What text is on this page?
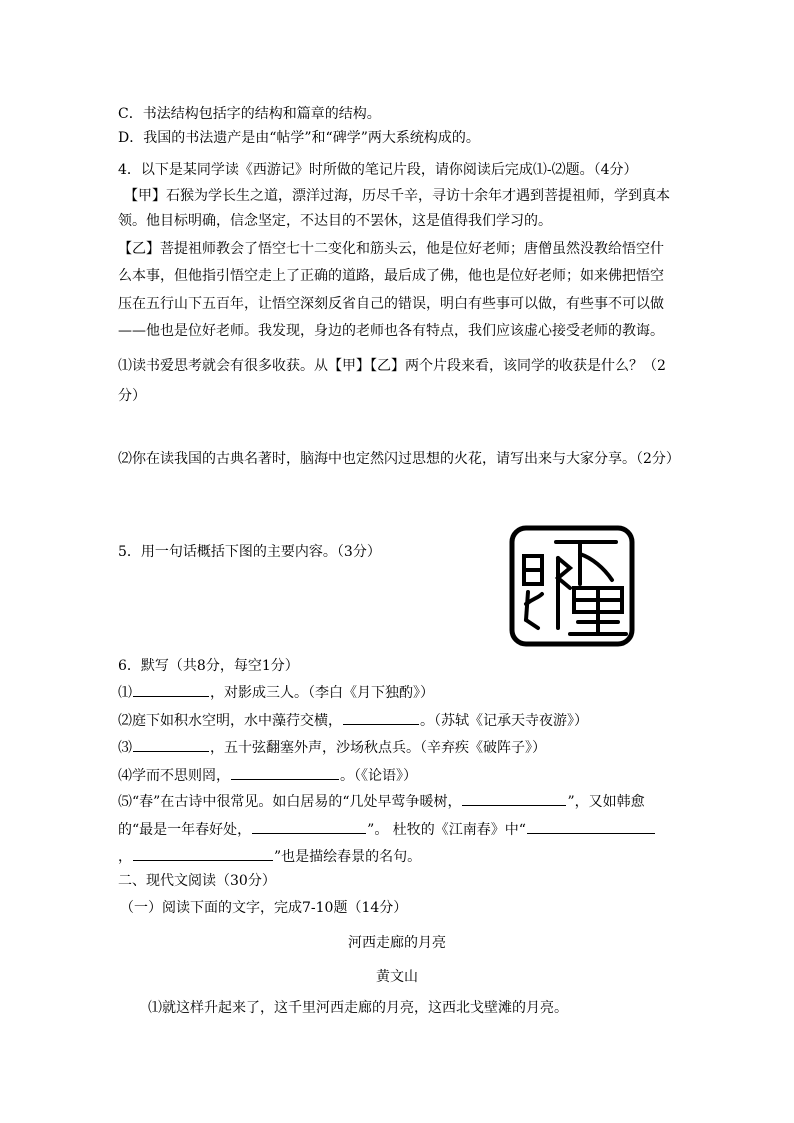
C．书法结构包括字的结构和篇章的结构。
D．我国的书法遗产是由“帖学”和“碑学”两大系统构成的。
4．以下是某同学读《西游记》时所做的笔记片段，请你阅读后完成⑴-⑵题。（4分）
【甲】石猴为学长生之道，漂洋过海，历尽千辛，寻访十余年才遇到菩提祖师，学到真本
领。他目标明确，信念坚定，不达目的不罢休，这是值得我们学习的。
【乙】菩提祖师教会了悟空七十二变化和筋头云，他是位好老师；唐僧虽然没教给悟空什
么本事，但他指引悟空走上了正确的道路，最后成了佛，他也是位好老师；如来佛把悟空
压在五行山下五百年，让悟空深刻反省自己的错误，明白有些事可以做，有些事不可以做
——他也是位好老师。我发现，身边的老师也各有特点，我们应该虚心接受老师的教诲。
⑴读书爱思考就会有很多收获。从【甲】【乙】两个片段来看，该同学的收获是什么？（2
分）
⑵你在读我国的古典名著时，脑海中也定然闪过思想的火花，请写出来与大家分享。（2分）
5．用一句话概括下图的主要内容。（3分）
6．默写（共8分，每空1分）
⑴	，对影成三人。（李白《月下独酌》）
⑵庭下如积水空明，水中藻荇交横，	。（苏轼《记承天寺夜游》）
⑶	，五十弦翻塞外声，沙场秋点兵。（辛弃疾《破阵子》）
⑷学而不思则罔，	。（《论语》）
⑸“春”在古诗中很常见。如白居易的“几处早莺争暖树，	”，又如韩愈
的“最是一年春好处，	”。 杜牧的《江南春》中“
，	”也是描绘春景的名句。
二、现代文阅读（30分）
（一）阅读下面的文字，完成7-10题（14分）
河西走廊的月亮
黄文山
⑴就这样升起来了，这千里河西走廊的月亮，这西北戈壁滩的月亮。
